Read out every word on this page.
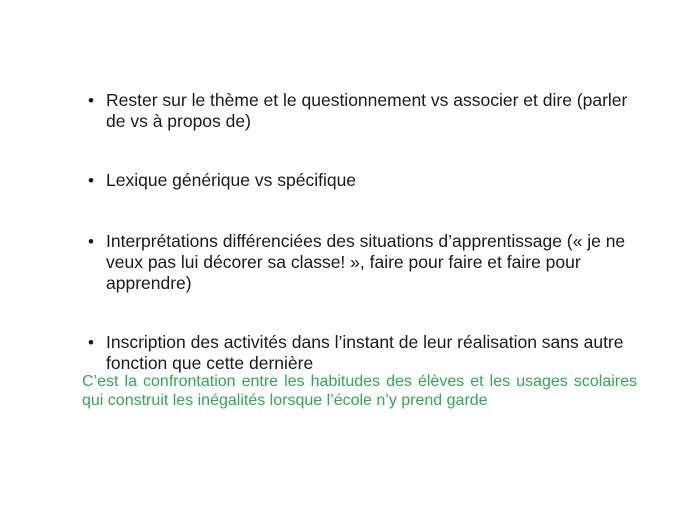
• Rester sur le thème et le questionnement vs associer et dire (parler de vs à propos de)
• Lexique générique vs spécifique
• Interprétations différenciées des situations d’apprentissage (« je ne veux pas lui décorer sa classe! », faire pour faire et faire pour apprendre)
• Inscription des activités dans l’instant de leur réalisation sans autre fonction que cette dernière

C’est la confrontation entre les habitudes des élèves et les usages scolaires qui construit les inégalités lorsque l’école n’y prend garde
